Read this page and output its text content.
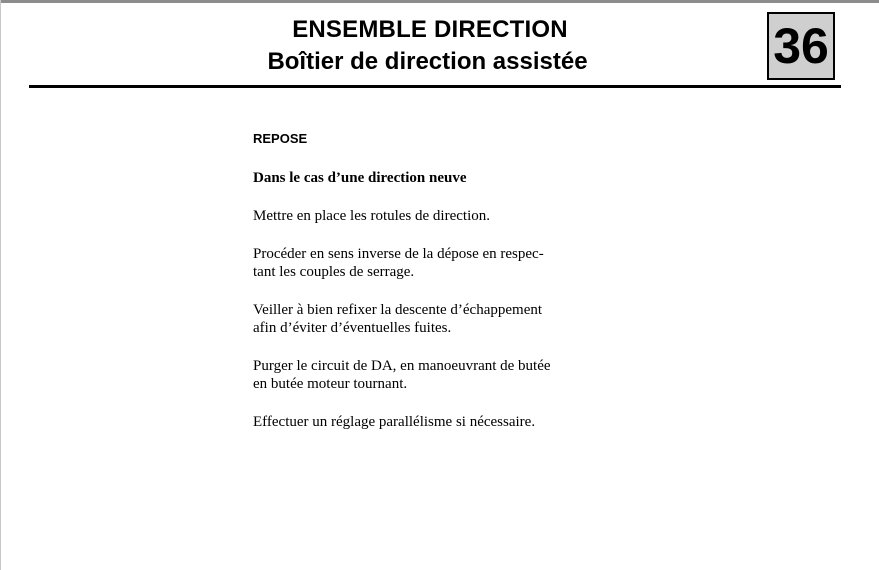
ENSEMBLE DIRECTION
Boîtier de direction assistée	36
REPOSE
Dans le cas d’une direction neuve
Mettre en place les rotules de direction.
Procéder en sens inverse de la dépose en respec-
tant les couples de serrage.
Veiller à bien refixer la descente d’échappement
afin d’éviter d’éventuelles fuites.
Purger le circuit de DA, en manoeuvrant de butée
en butée moteur tournant.
Effectuer un réglage parallélisme si nécessaire.
